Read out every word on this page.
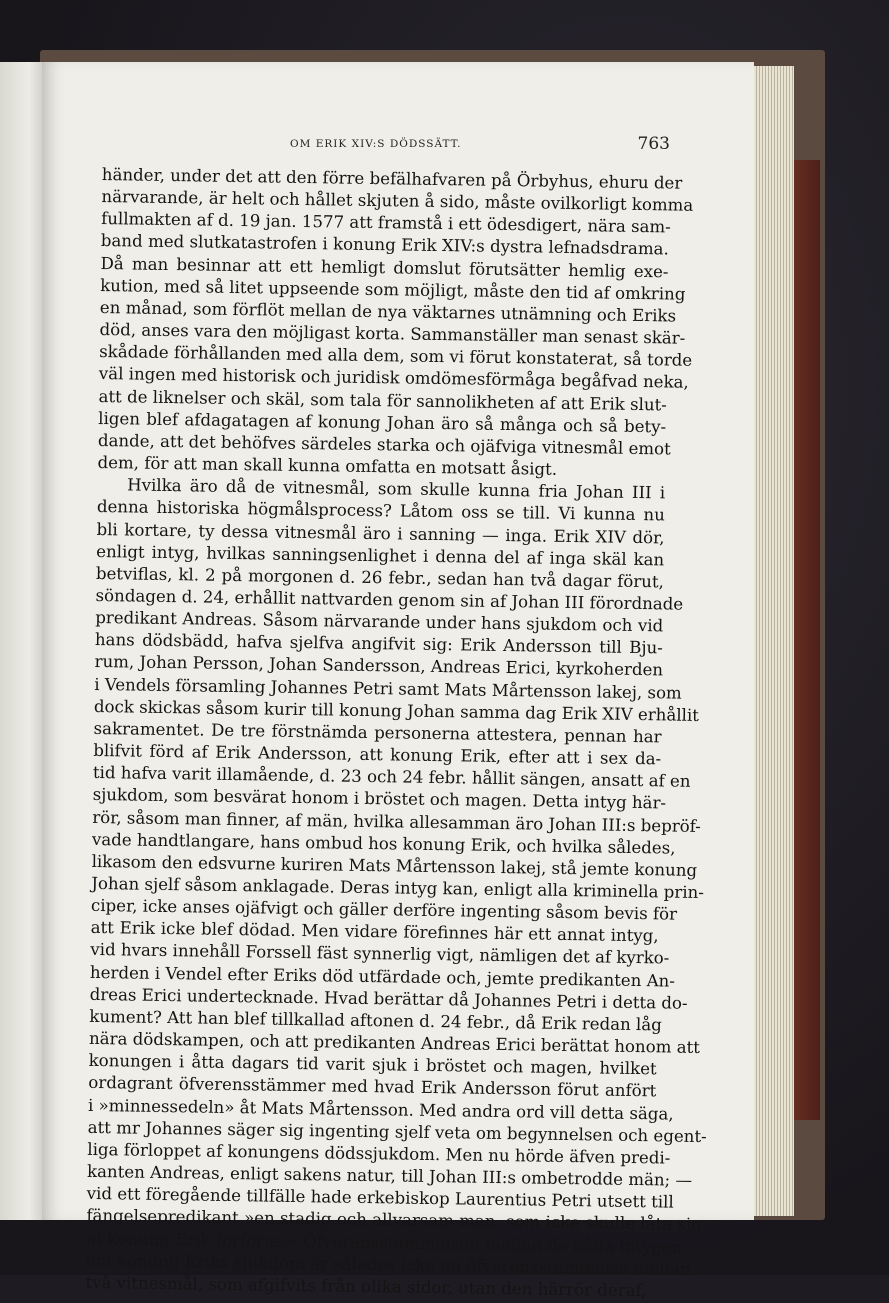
OM ERIK XIV:S DÖDSSÄTT.	763
händer, under det att den förre befälhafvaren på Örbyhus, ehuru der
närvarande, är helt och hållet skjuten å sido, måste ovilkorligt komma
fullmakten af d. 19 jan. 1577 att framstå i ett ödesdigert, nära sam-
band med slutkatastrofen i konung Erik XIV:s dystra lefnadsdrama.
Då man besinnar att ett hemligt domslut förutsätter hemlig exe-
kution, med så litet uppseende som möjligt, måste den tid af omkring
en månad, som förflöt mellan de nya väktarnes utnämning och Eriks
död, anses vara den möjligast korta. Sammanställer man senast skär-
skådade förhållanden med alla dem, som vi förut konstaterat, så torde
väl ingen med historisk och juridisk omdömesförmåga begåfvad neka,
att de liknelser och skäl, som tala för sannolikheten af att Erik slut-
ligen blef afdagatagen af konung Johan äro så många och så bety-
dande, att det behöfves särdeles starka och ojäfviga vitnesmål emot
dem, för att man skall kunna omfatta en motsatt åsigt.
Hvilka äro då de vitnesmål, som skulle kunna fria Johan III i
denna historiska högmålsprocess? Låtom oss se till. Vi kunna nu
bli kortare, ty dessa vitnesmål äro i sanning — inga. Erik XIV dör,
enligt intyg, hvilkas sanningsenlighet i denna del af inga skäl kan
betviflas, kl. 2 på morgonen d. 26 febr., sedan han två dagar förut,
söndagen d. 24, erhållit nattvarden genom sin af Johan III förordnade
predikant Andreas. Såsom närvarande under hans sjukdom och vid
hans dödsbädd, hafva sjelfva angifvit sig: Erik Andersson till Bju-
rum, Johan Persson, Johan Sandersson, Andreas Erici, kyrkoherden
i Vendels församling Johannes Petri samt Mats Mårtensson lakej, som
dock skickas såsom kurir till konung Johan samma dag Erik XIV erhållit
sakramentet. De tre förstnämda personerna attestera, pennan har
blifvit förd af Erik Andersson, att konung Erik, efter att i sex da-
tid hafva varit illamående, d. 23 och 24 febr. hållit sängen, ansatt af en
sjukdom, som besvärat honom i bröstet och magen. Detta intyg här-
rör, såsom man finner, af män, hvilka allesamman äro Johan III:s bepröf-
vade handtlangare, hans ombud hos konung Erik, och hvilka således,
likasom den edsvurne kuriren Mats Mårtensson lakej, stå jemte konung
Johan sjelf såsom anklagade. Deras intyg kan, enligt alla kriminella prin-
ciper, icke anses ojäfvigt och gäller derföre ingenting såsom bevis för
att Erik icke blef dödad. Men vidare förefinnes här ett annat intyg,
vid hvars innehåll Forssell fäst synnerlig vigt, nämligen det af kyrko-
herden i Vendel efter Eriks död utfärdade och, jemte predikanten An-
dreas Erici undertecknade. Hvad berättar då Johannes Petri i detta do-
kument? Att han blef tillkallad aftonen d. 24 febr., då Erik redan låg
nära dödskampen, och att predikanten Andreas Erici berättat honom att
konungen i åtta dagars tid varit sjuk i bröstet och magen, hvilket
ordagrant öfverensstämmer med hvad Erik Andersson förut anfört
i »minnessedeln» åt Mats Mårtensson. Med andra ord vill detta säga,
att mr Johannes säger sig ingenting sjelf veta om begynnelsen och egent-
liga förloppet af konungens dödssjukdom. Men nu hörde äfven predi-
kanten Andreas, enligt sakens natur, till Johan III:s ombetrodde män; —
vid ett föregående tillfälle hade erkebiskop Laurentius Petri utsett till
fängelsepredikant »en stadig och allvarsam man, som icke skulle låta sig
af konung Erik förföras.» Öfverensstämmelsen mellan de båda intygen
om konung Eriks sjukdom är således icke en öfverensstämmelse mellan
två vitnesmål, som afgifvits från olika sidor, utan den härrör deraf,
